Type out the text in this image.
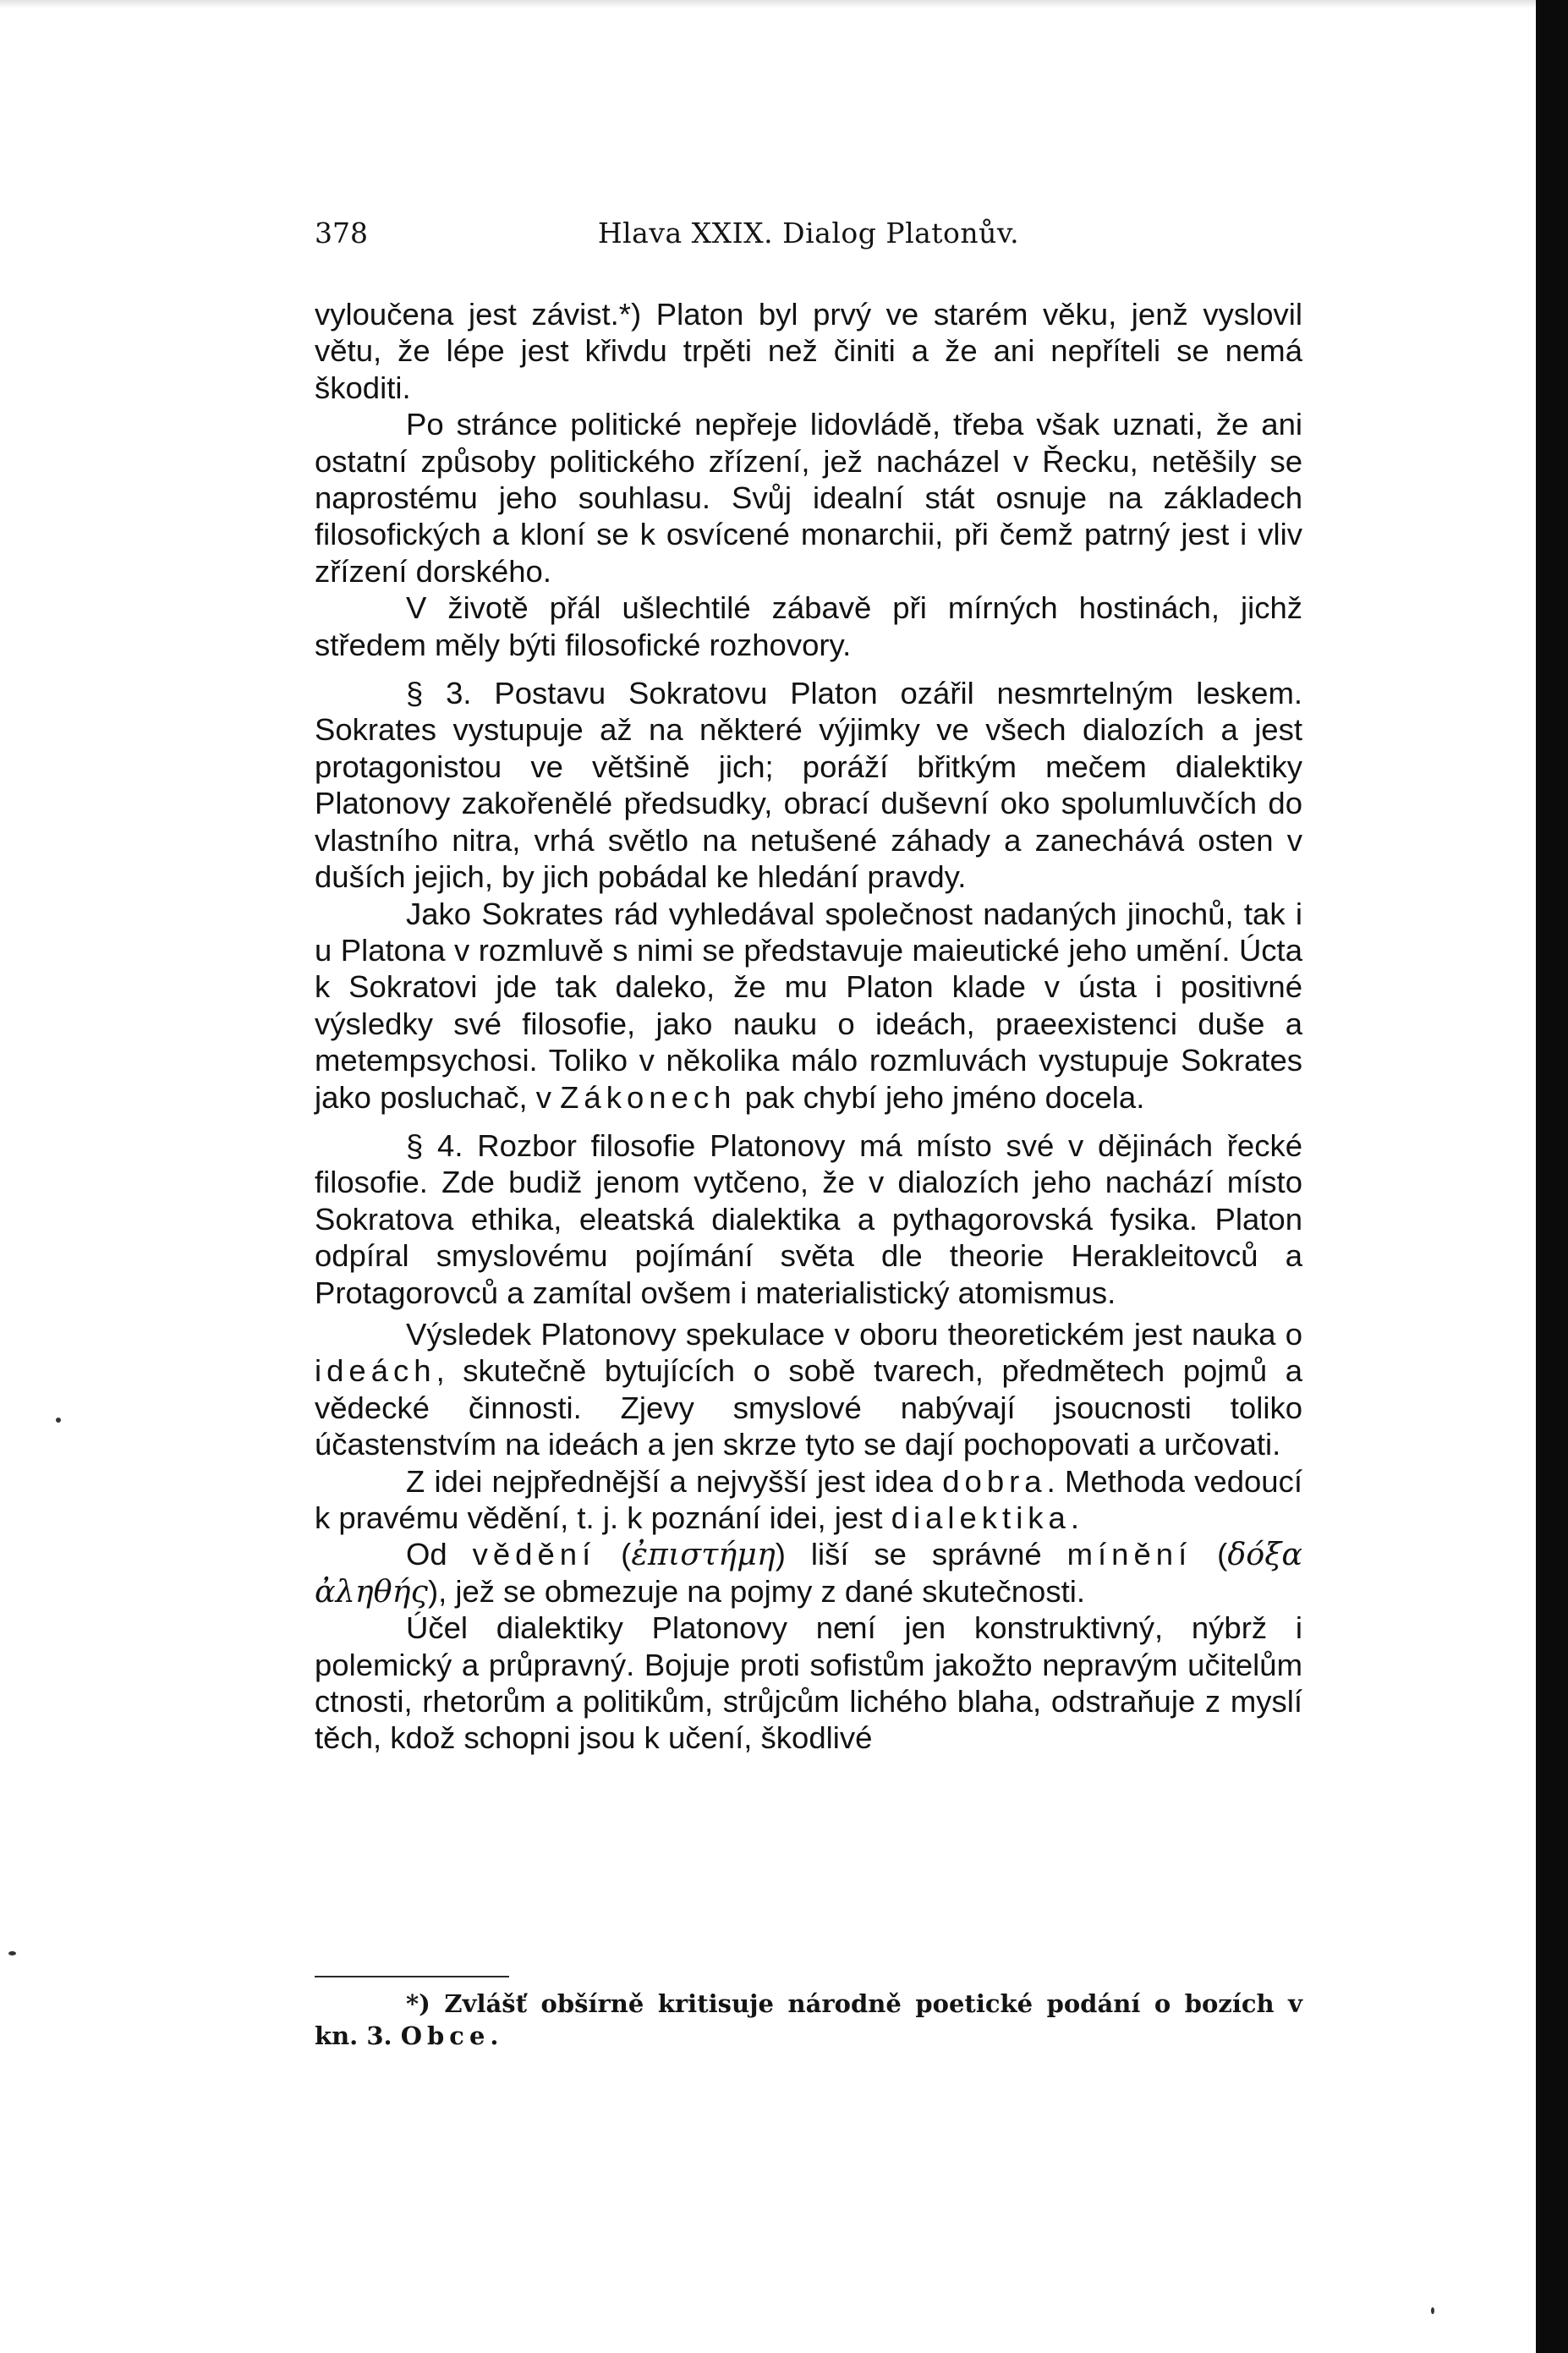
378	Hlava XXIX. Dialog Platonův.

vyloučena jest závist.*) Platon byl prvý ve starém věku, jenž vyslovil větu, že lépe jest křivdu trpěti než činiti a že ani nepříteli se nemá škoditi.

Po stránce politické nepřeje lidovládě, třeba však uznati, že ani ostatní způsoby politického zřízení, jež nacházel v Řecku, netěšily se naprostému jeho souhlasu. Svůj idealní stát osnuje na základech filosofických a kloní se k osvícené monarchii, při čemž patrný jest i vliv zřízení dorského.

V životě přál ušlechtilé zábavě při mírných hostinách, jichž středem měly býti filosofické rozhovory.

§ 3. Postavu Sokratovu Platon ozářil nesmrtelným leskem. Sokrates vystupuje až na některé výjimky ve všech dialozích a jest protagonistou ve většině jich; poráží břitkým mečem dialektiky Platonovy zakořenělé předsudky, obrací duševní oko spolumluvčích do vlastního nitra, vrhá světlo na netušené záhady a zanechává osten v duších jejich, by jich pobádal ke hledání pravdy.

Jako Sokrates rád vyhledával společnost nadaných jinochů, tak i u Platona v rozmluvě s nimi se představuje maieutické jeho umění. Úcta k Sokratovi jde tak daleko, že mu Platon klade v ústa i positivné výsledky své filosofie, jako nauku o ideách, praeexistenci duše a metempsychosi. Toliko v několika málo rozmluvách vystupuje Sokrates jako posluchač, v Zákonech pak chybí jeho jméno docela.

§ 4. Rozbor filosofie Platonovy má místo své v dějinách řecké filosofie. Zde budiž jenom vytčeno, že v dialozích jeho nachází místo Sokratova ethika, eleatská dialektika a pythagorovská fysika. Platon odpíral smyslovému pojímání světa dle theorie Herakleitovců a Protagorovců a zamítal ovšem i materialistický atomismus.

Výsledek Platonovy spekulace v oboru theoretickém jest nauka o ideách, skutečně bytujících o sobě tvarech, předmětech pojmů a vědecké činnosti. Zjevy smyslové nabývají jsoucnosti toliko účastenstvím na ideách a jen skrze tyto se dají pochopovati a určovati.

Z idei nejpřednější a nejvyšší jest idea dobra. Methoda vedoucí k pravému vědění, t. j. k poznání idei, jest dialektika.

Od vědění (ἐπιστήμη) liší se správné mínění (δόξα ἀληθής), jež se obmezuje na pojmy z dané skutečnosti.

Účel dialektiky Platonovy není jen konstruktivný, nýbrž i polemický a průpravný. Bojuje proti sofistům jakožto nepravým učitelům ctnosti, rhetorům a politikům, strůjcům lichého blaha, odstraňuje z myslí těch, kdož schopni jsou k učení, škodlivé

*) Zvlášť obšírně kritisuje národně poetické podání o bozích v kn. 3. Obce.
